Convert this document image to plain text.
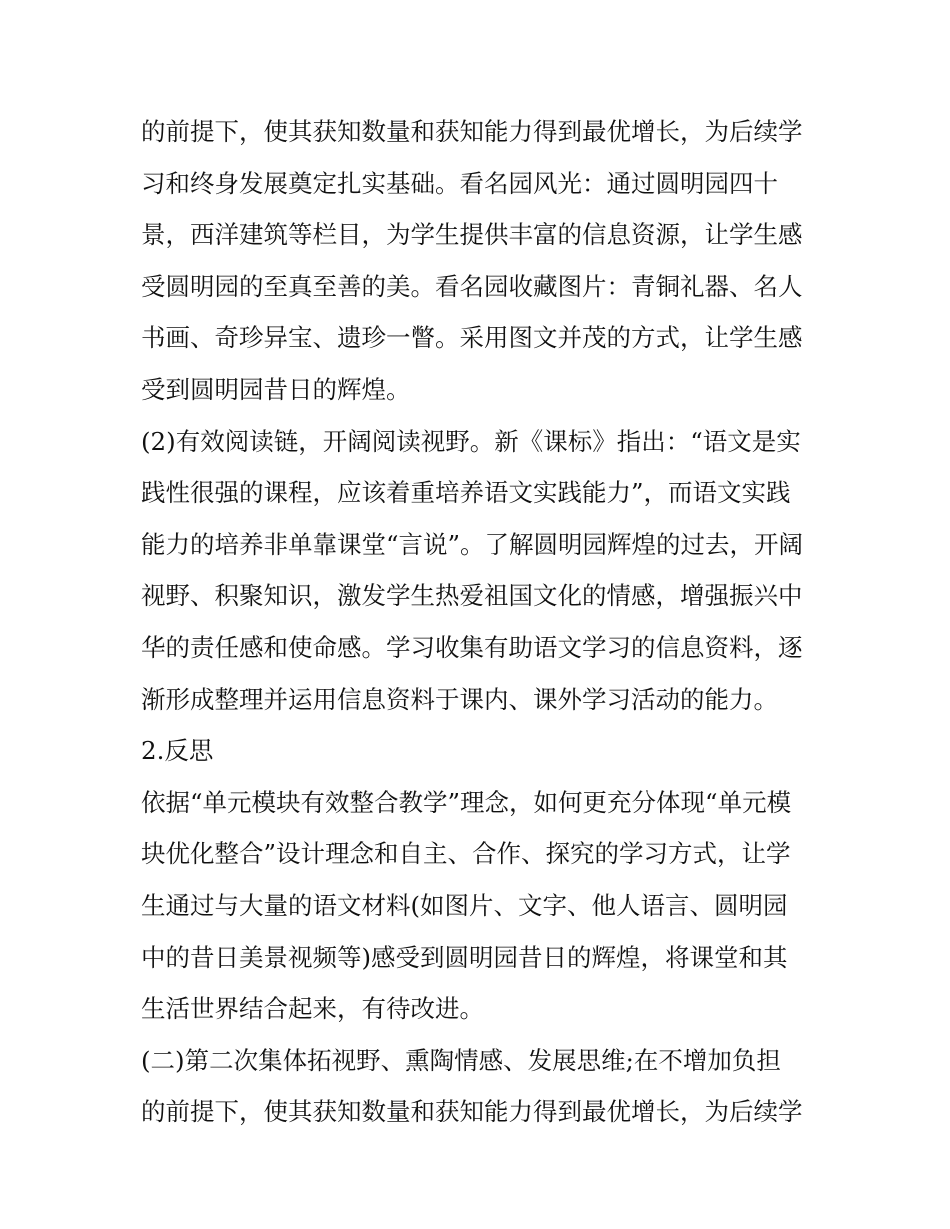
的前提下，使其获知数量和获知能力得到最优增长，为后续学
习和终身发展奠定扎实基础。看名园风光：通过圆明园四十
景，西洋建筑等栏目，为学生提供丰富的信息资源，让学生感
受圆明园的至真至善的美。看名园收藏图片：青铜礼器、名人
书画、奇珍异宝、遗珍一瞥。采用图文并茂的方式，让学生感
受到圆明园昔日的辉煌。
(2)有效阅读链，开阔阅读视野。新《课标》指出：“语文是实
践性很强的课程，应该着重培养语文实践能力”，而语文实践
能力的培养非单靠课堂“言说”。了解圆明园辉煌的过去，开阔
视野、积聚知识，激发学生热爱祖国文化的情感，增强振兴中
华的责任感和使命感。学习收集有助语文学习的信息资料，逐
渐形成整理并运用信息资料于课内、课外学习活动的能力。
2.反思
依据“单元模块有效整合教学”理念，如何更充分体现“单元模
块优化整合”设计理念和自主、合作、探究的学习方式，让学
生通过与大量的语文材料(如图片、文字、他人语言、圆明园
中的昔日美景视频等)感受到圆明园昔日的辉煌，将课堂和其
生活世界结合起来，有待改进。
(二)第二次集体拓视野、熏陶情感、发展思维;在不增加负担
的前提下，使其获知数量和获知能力得到最优增长，为后续学
